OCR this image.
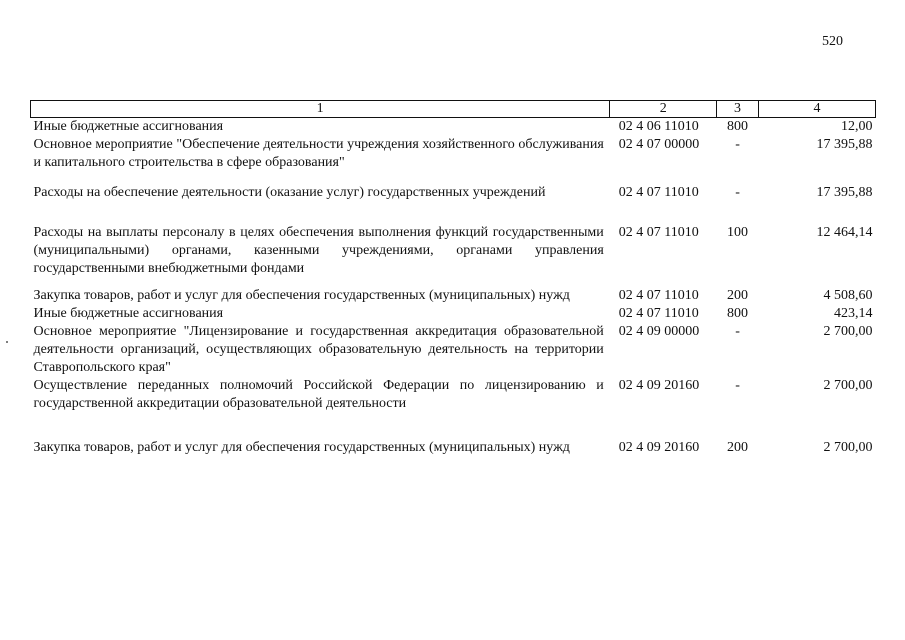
520
1	2	3	4
Иные бюджетные ассигнования	02 4 06 11010	800	12,00
Основное мероприятие "Обеспечение деятельности учреждения хозяйственного обслуживания и капитального строительства в сфере образования"	02 4 07 00000	-	17 395,88

Расходы на обеспечение деятельности (оказание услуг) государственных учреждений	02 4 07 11010	-	17 395,88

Расходы на выплаты персоналу в целях обеспечения выполнения функций государственными (муниципальными) органами, казенными учреждениями, органами управления государственными внебюджетными фондами	02 4 07 11010	100	12 464,14

Закупка товаров, работ и услуг для обеспечения государственных (муниципальных) нужд	02 4 07 11010	200	4 508,60
Иные бюджетные ассигнования	02 4 07 11010	800	423,14
Основное мероприятие "Лицензирование и государственная аккредитация образовательной деятельности организаций, осуществляющих образовательную деятельность на территории Ставропольского края"	02 4 09 00000	-	2 700,00
Осуществление переданных полномочий Российской Федерации по лицензированию и государственной аккредитации образовательной деятельности	02 4 09 20160	-	2 700,00

Закупка товаров, работ и услуг для обеспечения государственных (муниципальных) нужд	02 4 09 20160	200	2 700,00
